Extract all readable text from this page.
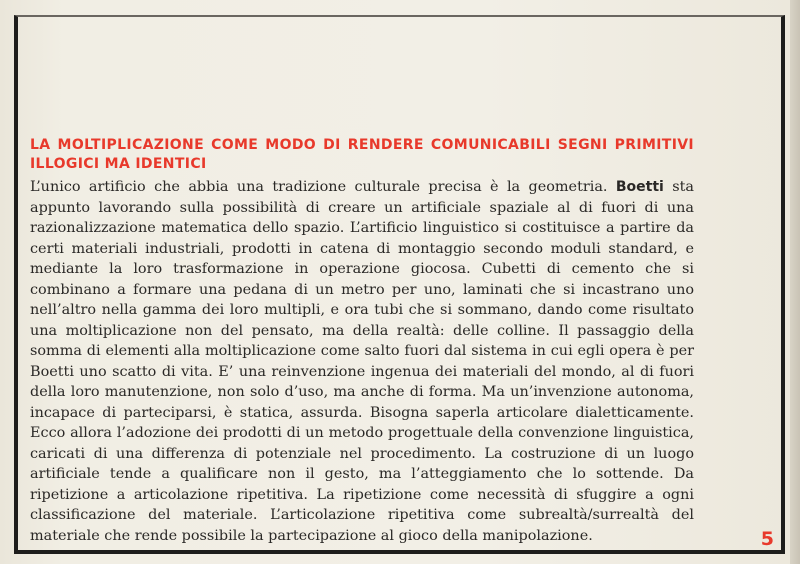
LA MOLTIPLICAZIONE COME MODO DI RENDERE COMUNICABILI SEGNI PRIMITIVI ILLOGICI MA IDENTICI

L’unico artificio che abbia una tradizione culturale precisa è la geometria. Boetti sta appunto lavorando sulla possibilità di creare un artificiale spaziale al di fuori di una razionalizzazione matematica dello spazio. L’artificio linguistico si costituisce a partire da certi materiali industriali, prodotti in catena di montaggio secondo moduli standard, e mediante la loro trasformazione in operazione giocosa. Cubetti di cemento che si combinano a formare una pedana di un metro per uno, laminati che si incastrano uno nell’altro nella gamma dei loro multipli, e ora tubi che si sommano, dando come risultato una moltiplicazione non del pensato, ma della realtà: delle colline. Il passaggio della somma di elementi alla moltiplicazione come salto fuori dal sistema in cui egli opera è per Boetti uno scatto di vita. E’ una reinvenzione ingenua dei materiali del mondo, al di fuori della loro manutenzione, non solo d’uso, ma anche di forma. Ma un’invenzione autonoma, incapace di parteciparsi, è statica, assurda. Bisogna saperla articolare dialetticamente. Ecco allora l’adozione dei prodotti di un metodo progettuale della convenzione linguistica, caricati di una differenza di potenziale nel procedimento. La costruzione di un luogo artificiale tende a qualificare non il gesto, ma l’atteggiamento che lo sottende. Da ripetizione a articolazione ripetitiva. La ripetizione come necessità di sfuggire a ogni classificazione del materiale. L’articolazione ripetitiva come subrealtà/surrealtà del materiale che rende possibile la partecipazione al gioco della manipolazione.	5
